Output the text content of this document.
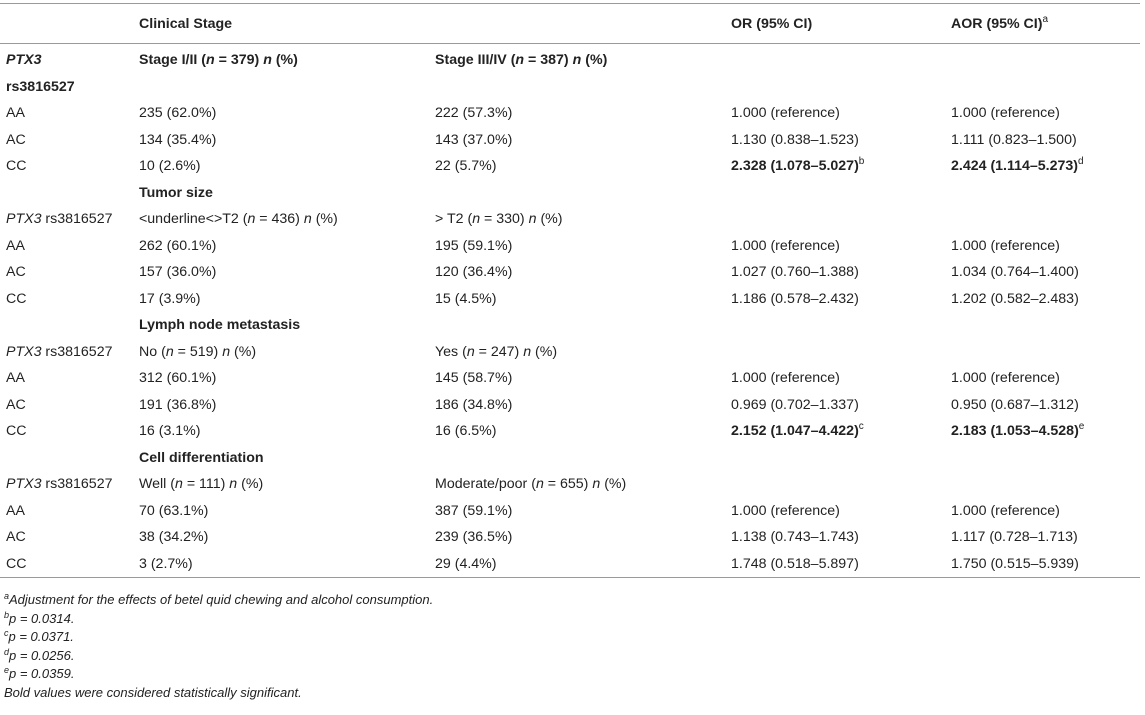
	Clinical Stage		OR (95% CI)	AOR (95% CI)$^a$
PTX3
rs3816527	Stage I/II (n = 379) n (%)	Stage III/IV (n = 387) n (%)		
AA	235 (62.0%)	222 (57.3%)	1.000 (reference)	1.000 (reference)
AC	134 (35.4%)	143 (37.0%)	1.130 (0.838–1.523)	1.111 (0.823–1.500)
CC	10 (2.6%)	22 (5.7%)	2.328 $(1.078-5.027)^b$	2.424 $(1.114-5.273)^d$
	Tumor size			
PTX3 rs3816527	<underline<>T2 (n = 436) n (%)	> T2 (n = 330) n (%)		
AA	262 (60.1%)	195 (59.1%)	1.000 (reference)	1.000 (reference)
AC	157 (36.0%)	120 (36.4%)	1.027 (0.760–1.388)	1.034 (0.764–1.400)
CC	17 (3.9%)	15 (4.5%)	1.186 (0.578–2.432)	1.202 (0.582–2.483)
	Lymph node metastasis			
PTX3 rs3816527	No (n = 519) n (%)	Yes (n = 247) n (%)		
AA	312 (60.1%)	145 (58.7%)	1.000 (reference)	1.000 (reference)
AC	191 (36.8%)	186 (34.8%)	0.969 (0.702–1.337)	0.950 (0.687–1.312)
CC	16 (3.1%)	16 (6.5%)	2.152 $(1.047-4.422)^c$	2.183 $(1.053-4.528)^e$
	Cell differentiation			
PTX3 rs3816527	Well (n = 111) n (%)	Moderate/poor (n = 655) n (%)		
AA	70 (63.1%)	387 (59.1%)	1.000 (reference)	1.000 (reference)
AC	38 (34.2%)	239 (36.5%)	1.138 (0.743–1.743)	1.117 (0.728–1.713)
CC	3 (2.7%)	29 (4.4%)	1.748 (0.518–5.897)	1.750 (0.515–5.939)
$^a$Adjustment for the effects of betel quid chewing and alcohol consumption.
$^b$p = 0.0314.
$^c$p = 0.0371.
$^d$p = 0.0256.
$^e$p = 0.0359.
Bold values were considered statistically significant.
